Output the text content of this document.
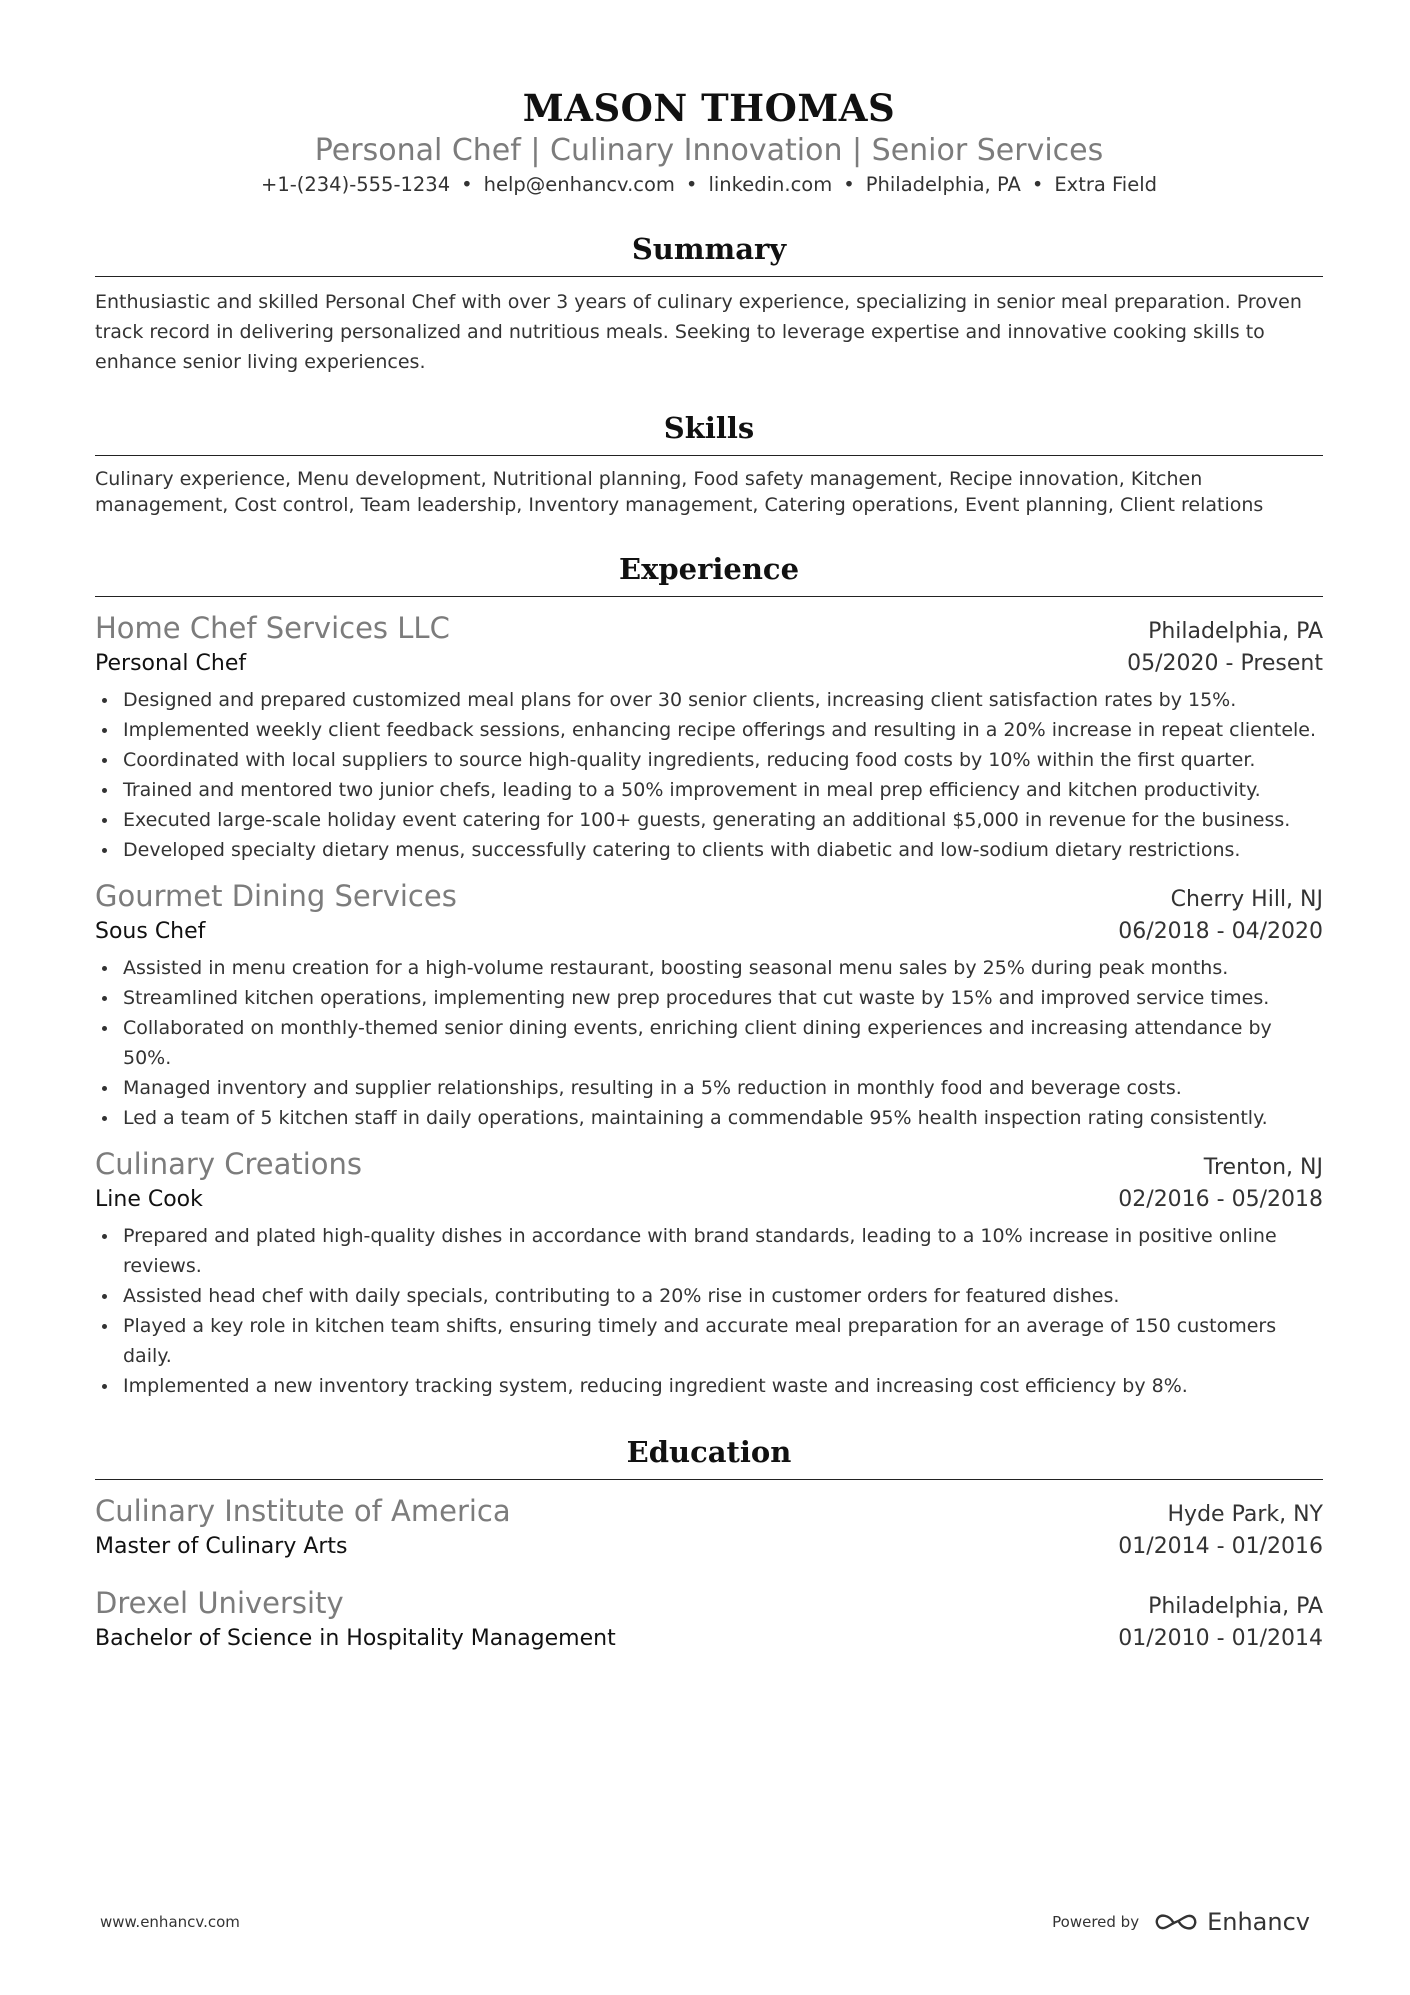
MASON THOMAS
Personal Chef | Culinary Innovation | Senior Services
+1-(234)-555-1234 • help@enhancv.com • linkedin.com • Philadelphia, PA • Extra Field
Summary
Enthusiastic and skilled Personal Chef with over 3 years of culinary experience, specializing in senior meal preparation. Proven track record in delivering personalized and nutritious meals. Seeking to leverage expertise and innovative cooking skills to enhance senior living experiences.
Skills
Culinary experience, Menu development, Nutritional planning, Food safety management, Recipe innovation, Kitchen management, Cost control, Team leadership, Inventory management, Catering operations, Event planning, Client relations
Experience
Home Chef Services LLC	Philadelphia, PA
Personal Chef	05/2020 - Present
Designed and prepared customized meal plans for over 30 senior clients, increasing client satisfaction rates by 15%.
Implemented weekly client feedback sessions, enhancing recipe offerings and resulting in a 20% increase in repeat clientele.
Coordinated with local suppliers to source high-quality ingredients, reducing food costs by 10% within the first quarter.
Trained and mentored two junior chefs, leading to a 50% improvement in meal prep efficiency and kitchen productivity.
Executed large-scale holiday event catering for 100+ guests, generating an additional $5,000 in revenue for the business.
Developed specialty dietary menus, successfully catering to clients with diabetic and low-sodium dietary restrictions.
Gourmet Dining Services	Cherry Hill, NJ
Sous Chef	06/2018 - 04/2020
Assisted in menu creation for a high-volume restaurant, boosting seasonal menu sales by 25% during peak months.
Streamlined kitchen operations, implementing new prep procedures that cut waste by 15% and improved service times.
Collaborated on monthly-themed senior dining events, enriching client dining experiences and increasing attendance by 50%.
Managed inventory and supplier relationships, resulting in a 5% reduction in monthly food and beverage costs.
Led a team of 5 kitchen staff in daily operations, maintaining a commendable 95% health inspection rating consistently.
Culinary Creations	Trenton, NJ
Line Cook	02/2016 - 05/2018
Prepared and plated high-quality dishes in accordance with brand standards, leading to a 10% increase in positive online reviews.
Assisted head chef with daily specials, contributing to a 20% rise in customer orders for featured dishes.
Played a key role in kitchen team shifts, ensuring timely and accurate meal preparation for an average of 150 customers daily.
Implemented a new inventory tracking system, reducing ingredient waste and increasing cost efficiency by 8%.
Education
Culinary Institute of America	Hyde Park, NY
Master of Culinary Arts	01/2014 - 01/2016
Drexel University	Philadelphia, PA
Bachelor of Science in Hospitality Management	01/2010 - 01/2014
www.enhancv.com	Powered by	Enhancv
